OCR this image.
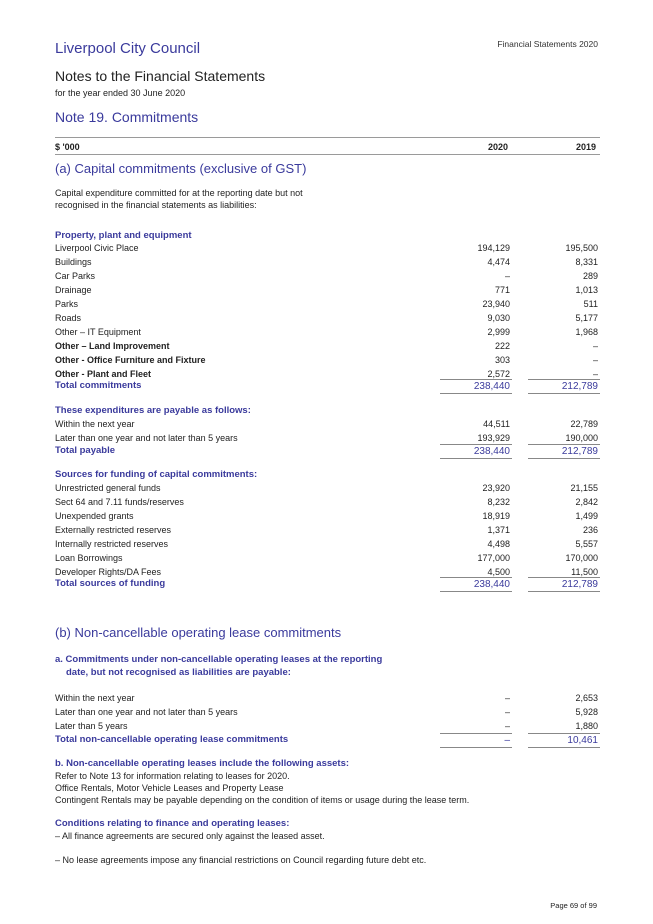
Financial Statements 2020
Liverpool City Council
Notes to the Financial Statements
for the year ended 30 June 2020
Note 19. Commitments
$ '000	2020	2019
(a) Capital commitments (exclusive of GST)
Capital expenditure committed for at the reporting date but not
recognised in the financial statements as liabilities:
Property, plant and equipment
Liverpool Civic Place	194,129	195,500
Buildings	4,474	8,331
Car Parks	–	289
Drainage	771	1,013
Parks	23,940	511
Roads	9,030	5,177
Other – IT Equipment	2,999	1,968
Other – Land Improvement	222	–
Other - Office Furniture and Fixture	303	–
Other - Plant and Fleet	2,572	–
Total commitments	238,440	212,789
These expenditures are payable as follows:
Within the next year	44,511	22,789
Later than one year and not later than 5 years	193,929	190,000
Total payable	238,440	212,789
Sources for funding of capital commitments:
Unrestricted general funds	23,920	21,155
Sect 64 and 7.11 funds/reserves	8,232	2,842
Unexpended grants	18,919	1,499
Externally restricted reserves	1,371	236
Internally restricted reserves	4,498	5,557
Loan Borrowings	177,000	170,000
Developer Rights/DA Fees	4,500	11,500
Total sources of funding	238,440	212,789
(b) Non-cancellable operating lease commitments
a. Commitments under non-cancellable operating leases at the reporting
date, but not recognised as liabilities are payable:
Within the next year	–	2,653
Later than one year and not later than 5 years	–	5,928
Later than 5 years	–	1,880
Total non-cancellable operating lease commitments	–	10,461
b. Non-cancellable operating leases include the following assets:
Refer to Note 13 for information relating to leases for 2020.
Office Rentals, Motor Vehicle Leases and Property Lease
Contingent Rentals may be payable depending on the condition of items or usage during the lease term.
Conditions relating to finance and operating leases:
– All finance agreements are secured only against the leased asset.
– No lease agreements impose any financial restrictions on Council regarding future debt etc.
Page 69 of 99
